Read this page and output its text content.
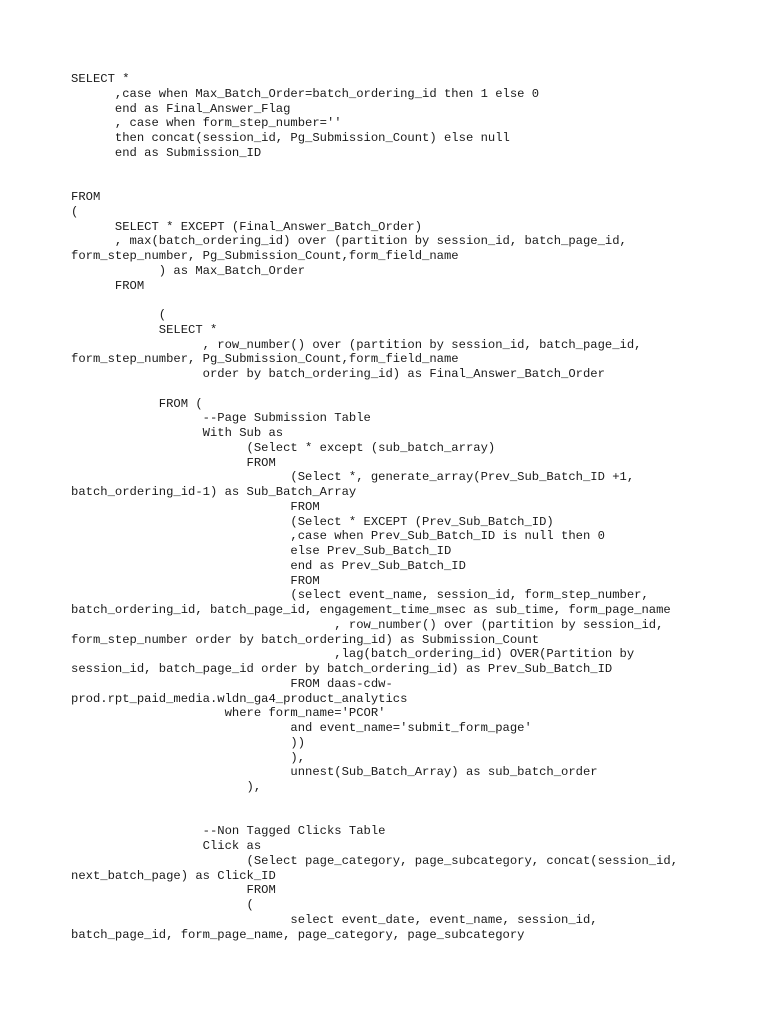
SELECT *
,case when Max_Batch_Order=batch_ordering_id then 1 else 0
end as Final_Answer_Flag
, case when form_step_number=''
then concat(session_id, Pg_Submission_Count) else null
end as Submission_ID
FROM
(
SELECT * EXCEPT (Final_Answer_Batch_Order)
, max(batch_ordering_id) over (partition by session_id, batch_page_id,
form_step_number, Pg_Submission_Count,form_field_name
) as Max_Batch_Order
FROM
(
SELECT *
, row_number() over (partition by session_id, batch_page_id,
form_step_number, Pg_Submission_Count,form_field_name
order by batch_ordering_id) as Final_Answer_Batch_Order
FROM (
--Page Submission Table
With Sub as
(Select * except (sub_batch_array)
FROM
(Select *, generate_array(Prev_Sub_Batch_ID +1,
batch_ordering_id-1) as Sub_Batch_Array
FROM
(Select * EXCEPT (Prev_Sub_Batch_ID)
,case when Prev_Sub_Batch_ID is null then 0
else Prev_Sub_Batch_ID
end as Prev_Sub_Batch_ID
FROM
(select event_name, session_id, form_step_number,
batch_ordering_id, batch_page_id, engagement_time_msec as sub_time, form_page_name
, row_number() over (partition by session_id,
form_step_number order by batch_ordering_id) as Submission_Count
,lag(batch_ordering_id) OVER(Partition by
session_id, batch_page_id order by batch_ordering_id) as Prev_Sub_Batch_ID
FROM daas-cdw-
prod.rpt_paid_media.wldn_ga4_product_analytics
where form_name='PCOR'
and event_name='submit_form_page'
))
),
unnest(Sub_Batch_Array) as sub_batch_order
),
--Non Tagged Clicks Table
Click as
(Select page_category, page_subcategory, concat(session_id,
next_batch_page) as Click_ID
FROM
(
select event_date, event_name, session_id,
batch_page_id, form_page_name, page_category, page_subcategory
